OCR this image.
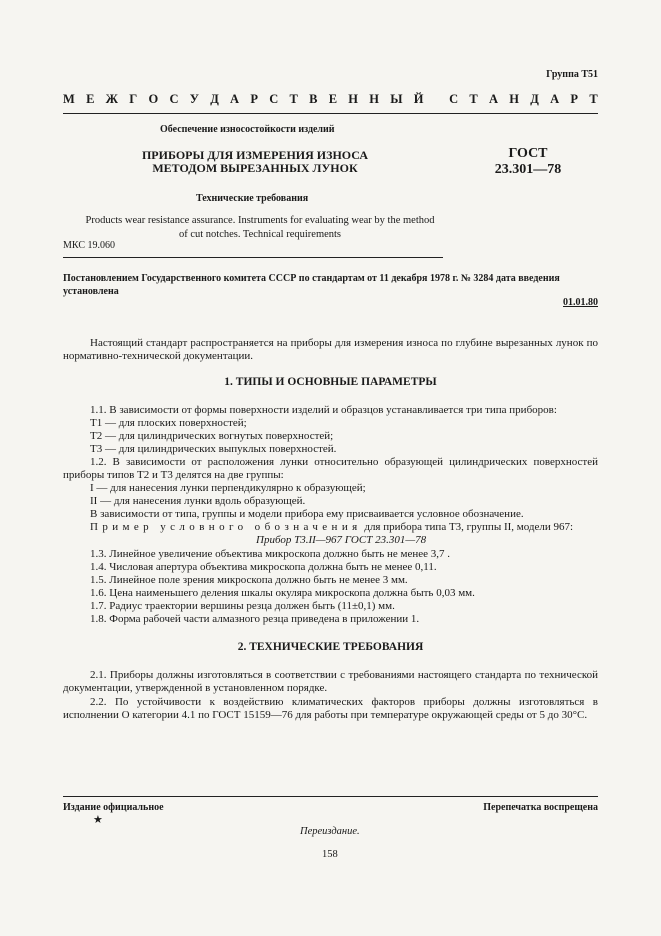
Группа Т51
М Е Ж Г О С У Д А Р С Т В Е Н Н Ы Й
С Т А Н Д А Р Т
Обеспечение износостойкости изделий
ПРИБОРЫ ДЛЯ ИЗМЕРЕНИЯ ИЗНОСА
МЕТОДОМ ВЫРЕЗАННЫХ ЛУНОК
ГОСТ
23.301—78
Технические требования
Products wear resistance assurance. Instruments for evaluating wear by the method of cut notches. Technical requirements
МКС 19.060
Постановлением Государственного комитета СССР по стандартам от 11 декабря 1978 г. № 3284 дата введения установлена
01.01.80
Настоящий стандарт распространяется на приборы для измерения износа по глубине вырезанных лунок по нормативно-технической документации.
1. ТИПЫ И ОСНОВНЫЕ ПАРАМЕТРЫ
1.1. В зависимости от формы поверхности изделий и образцов устанавливается три типа приборов:
Т1 — для плоских поверхностей;
Т2 — для цилиндрических вогнутых поверхностей;
Т3 — для цилиндрических выпуклых поверхностей.
1.2. В зависимости от расположения лунки относительно образующей цилиндрических поверхностей приборы типов Т2 и Т3 делятся на две группы:
I — для нанесения лунки перпендикулярно к образующей;
II — для нанесения лунки вдоль образующей.
В зависимости от типа, группы и модели прибора ему присваивается условное обозначение.
Пример условного обозначения для прибора типа Т3, группы II, модели 967:
Прибор Т3.II—967 ГОСТ 23.301—78
1.3. Линейное увеличение объектива микроскопа должно быть не менее 3,7 .
1.4. Числовая апертура объектива микроскопа должна быть не менее 0,11.
1.5. Линейное поле зрения микроскопа должно быть не менее 3 мм.
1.6. Цена наименьшего деления шкалы окуляра микроскопа должна быть 0,03 мм.
1.7. Радиус траектории вершины резца должен быть (11±0,1) мм.
1.8. Форма рабочей части алмазного резца приведена в приложении 1.
2. ТЕХНИЧЕСКИЕ ТРЕБОВАНИЯ
2.1. Приборы должны изготовляться в соответствии с требованиями настоящего стандарта по технической документации, утвержденной в установленном порядке.
2.2. По устойчивости к воздействию климатических факторов приборы должны изготовляться в исполнении О категории 4.1 по ГОСТ 15159—76 для работы при температуре окружающей среды от 5 до 30°С.
Издание официальное	Перепечатка воспрещена
★
Переиздание.
158
